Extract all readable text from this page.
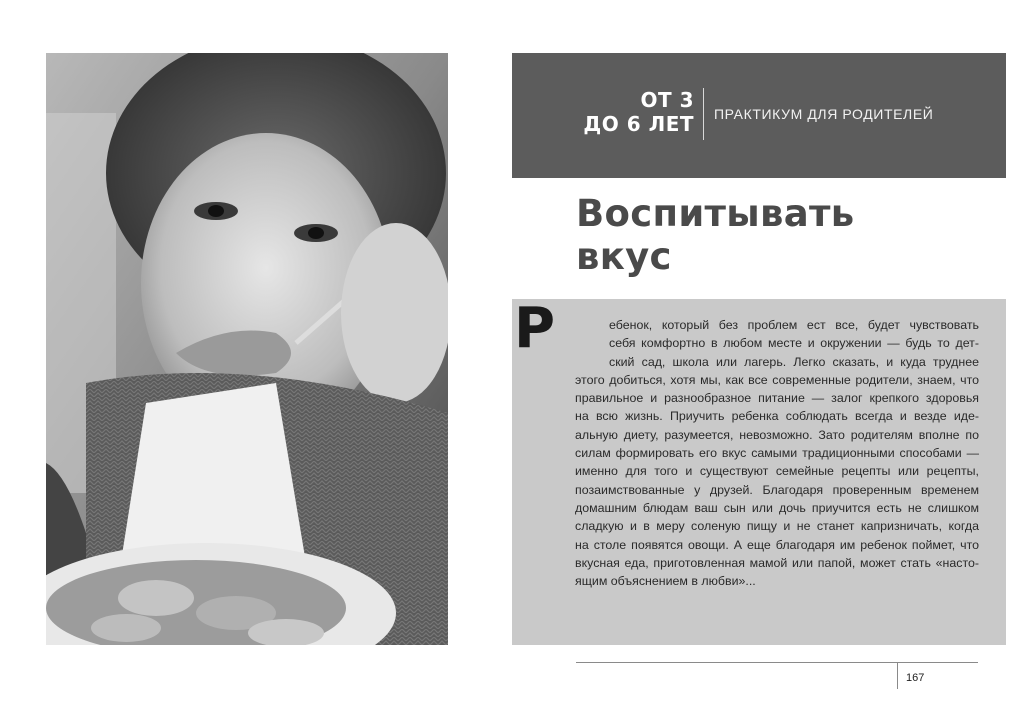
ОТ 3
ДО 6 ЛЕТ ПРАКТИКУМ ДЛЯ РОДИТЕЛЕЙ
Воспитывать
вкус
Р	ебенок, который без проблем ест все, будет чувствовать
себя комфортно в любом месте и окружении — будь то дет-
ский сад, школа или лагерь. Легко сказать, и куда труднее
этого добиться, хотя мы, как все современные родители, знаем, что
правильное и разнообразное питание — залог крепкого здоровья
на всю жизнь. Приучить ребенка соблюдать всегда и везде иде-
альную диету, разумеется, невозможно. Зато родителям вполне по
силам формировать его вкус самыми традиционными способами —
именно для того и существуют семейные рецепты или рецепты,
позаимствованные у друзей. Благодаря проверенным временем
домашним блюдам ваш сын или дочь приучится есть не слишком
сладкую и в меру соленую пищу и не станет капризничать, когда
на столе появятся овощи. А еще благодаря им ребенок поймет, что
вкусная еда, приготовленная мамой или папой, может стать «насто-
ящим объяснением в любви»...
167
